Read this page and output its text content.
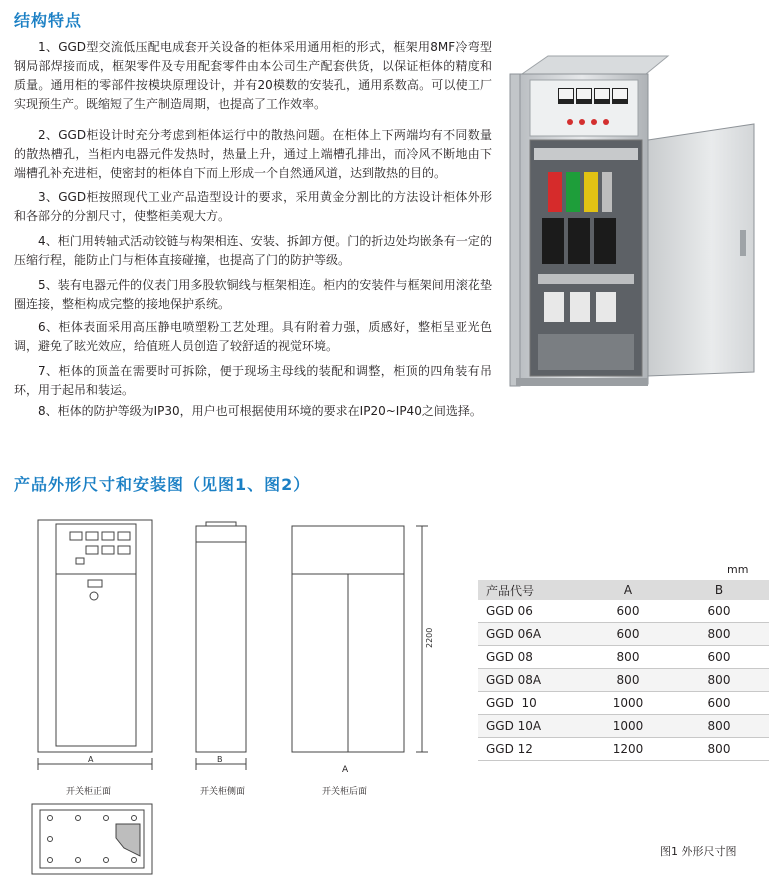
结构特点

1、GGD型交流低压配电成套开关设备的柜体采用通用柜的形式，框架用8MF冷弯型钢局部焊接而成，框架零件及专用配套零件由本公司生产配套供货，以保证柜体的精度和质量。通用柜的零部件按模块原理设计，并有20模数的安装孔，通用系数高。可以使工厂实现预生产。既缩短了生产制造周期，也提高了工作效率。

2、GGD柜设计时充分考虑到柜体运行中的散热问题。在柜体上下两端均有不同数量的散热槽孔，当柜内电器元件发热时，热量上升，通过上端槽孔排出，而冷风不断地由下端槽孔补充进柜，使密封的柜体自下而上形成一个自然通风道，达到散热的目的。

3、GGD柜按照现代工业产品造型设计的要求，采用黄金分割比的方法设计柜体外形和各部分的分割尺寸，使整柜美观大方。

4、柜门用转轴式活动铰链与构架相连、安装、拆卸方便。门的折边处均嵌条有一定的压缩行程，能防止门与柜体直接碰撞，也提高了门的防护等级。

5、装有电器元件的仪表门用多股软铜线与框架相连。柜内的安装件与框架间用滚花垫圈连接，整柜构成完整的接地保护系统。

6、柜体表面采用高压静电喷塑粉工艺处理。具有附着力强，质感好，整柜呈亚光色调，避免了眩光效应，给值班人员创造了较舒适的视觉环境。

7、柜体的顶盖在需要时可拆除，便于现场主母线的装配和调整，柜顶的四角装有吊环，用于起吊和装运。

8、柜体的防护等级为IP30，用户也可根据使用环境的要求在IP20~IP40之间选择。

产品外形尺寸和安装图（见图1、图2）
A
开关柜正面
B
开关柜侧面
2200
A
开关柜后面
mm
产品代号	A	B
GGD 06	600	600
GGD 06A	600	800
GGD 08	800	600
GGD 08A	800	800
GGD  10	1000	600
GGD 10A	1000	800
GGD 12	1200	800
图1 外形尺寸图
